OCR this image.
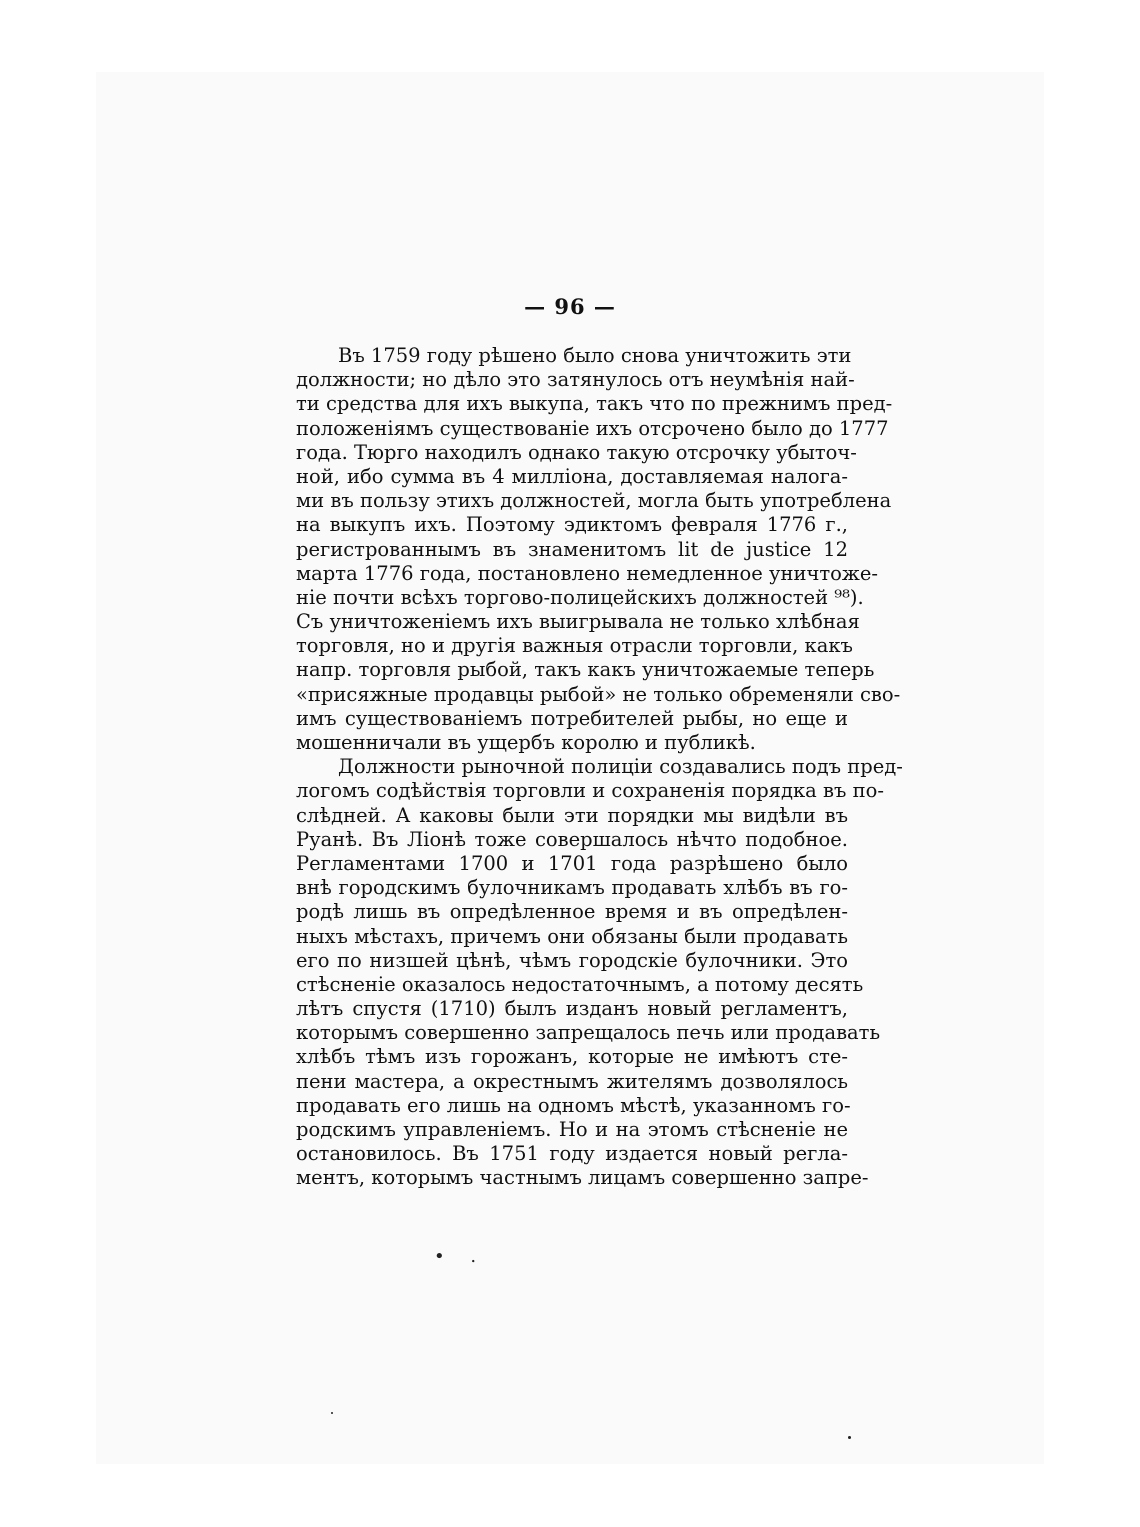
— 96 —
Въ 1759 году рѣшено было снова уничтожить эти
должности; но дѣло это затянулось отъ неумѣнія най-
ти средства для ихъ выкупа, такъ что по прежнимъ пред-
положеніямъ существованіе ихъ отсрочено было до 1777
года. Тюрго находилъ однако такую отсрочку убыточ-
ной, ибо сумма въ 4 милліона, доставляемая налога-
ми въ пользу этихъ должностей, могла быть употреблена
на выкупъ ихъ. Поэтому эдиктомъ февраля 1776 г.,
регистрованнымъ въ знаменитомъ lit de justice 12
марта 1776 года, постановлено немедленное уничтоже-
ніе почти всѣхъ торгово-полицейскихъ должностей ⁹⁸).
Съ уничтоженіемъ ихъ выигрывала не только хлѣбная
торговля, но и другія важныя отрасли торговли, какъ
напр. торговля рыбой, такъ какъ уничтожаемые теперь
«присяжные продавцы рыбой» не только обременяли сво-
имъ существованіемъ потребителей рыбы, но еще и
мошенничали въ ущербъ королю и публикѣ.
Должности рыночной полиціи создавались подъ пред-
логомъ содѣйствія торговли и сохраненія порядка въ по-
слѣдней. А каковы были эти порядки мы видѣли въ
Руанѣ. Въ Ліонѣ тоже совершалось нѣчто подобное.
Регламентами 1700 и 1701 года разрѣшено было
внѣ городскимъ булочникамъ продавать хлѣбъ въ го-
родѣ лишь въ опредѣленное время и въ опредѣлен-
ныхъ мѣстахъ, причемъ они обязаны были продавать
его по низшей цѣнѣ, чѣмъ городскіе булочники. Это
стѣсненіе оказалось недостаточнымъ, а потому десять
лѣтъ спустя (1710) былъ изданъ новый регламентъ,
которымъ совершенно запрещалось печь или продавать
хлѣбъ тѣмъ изъ горожанъ, которые не имѣютъ сте-
пени мастера, а окрестнымъ жителямъ дозволялось
продавать его лишь на одномъ мѣстѣ, указанномъ го-
родскимъ управленіемъ. Но и на этомъ стѣсненіе не
остановилось. Въ 1751 году издается новый регла-
ментъ, которымъ частнымъ лицамъ совершенно запре-
• .
